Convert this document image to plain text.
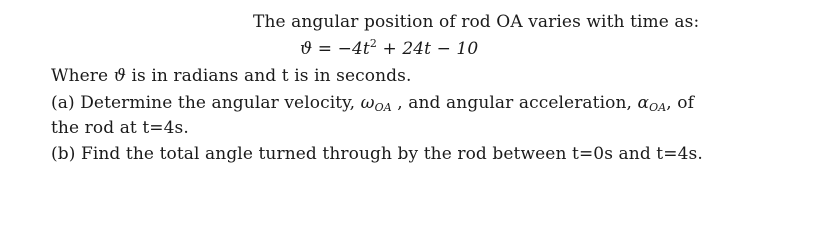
The angular position of rod OA varies with time as:
$ϑ = -4t^2 + 24t - 10$
Where ϑ is in radians and t is in seconds.
(a) Determine the angular velocity, $\omega_{OA}$ , and angular acceleration, $\alpha_{OA}$, of
the rod at t=4s.
(b) Find the total angle turned through by the rod between t=0s and t=4s.
